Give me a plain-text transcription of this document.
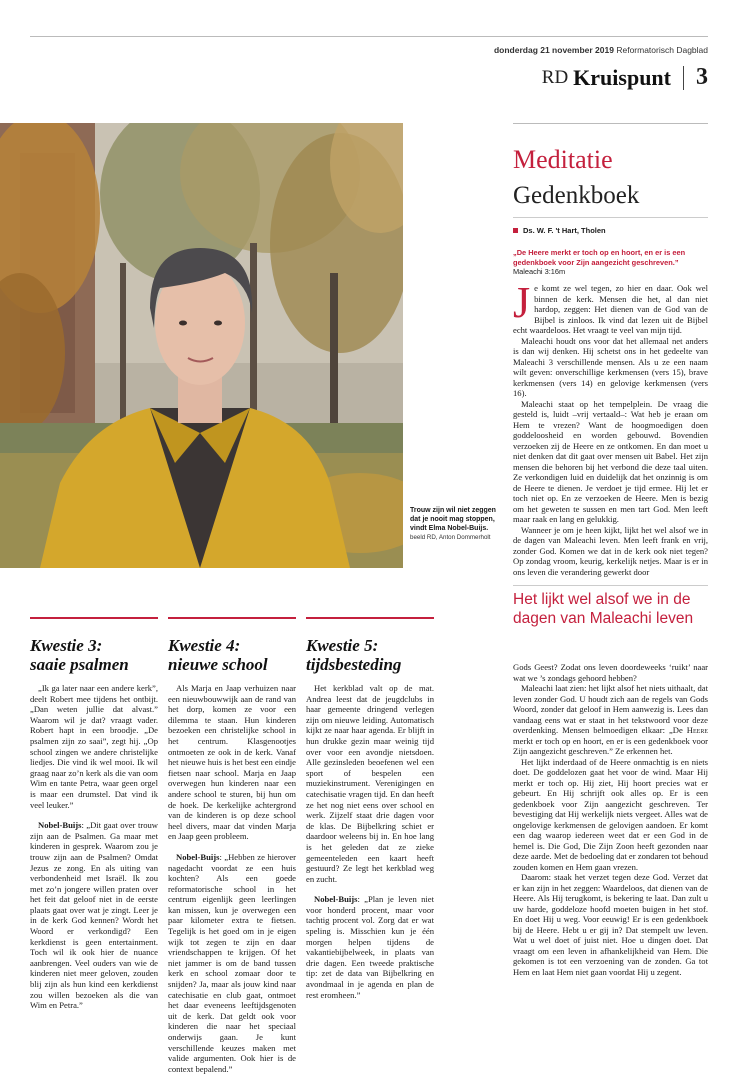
donderdag 21 november 2019 Reformatorisch Dagblad
RD Kruispunt 3
Trouw zijn wil niet zeggen dat je nooit mag stoppen, vindt Elma Nobel-Buijs. beeld RD, Anton Dommerholt
Meditatie
Gedenkboek
Ds. W. F. 't Hart, Tholen
„De Heere merkt er toch op en hoort, en er is een gedenkboek voor Zijn aangezicht geschreven.”
Maleachi 3:16m

Je komt ze wel tegen, zo hier en daar. Ook wel binnen de kerk. Mensen die het, al dan niet hardop, zeggen: Het dienen van de God van de Bijbel is zinloos. Ik vind dat lezen uit de Bijbel echt waardeloos. Het vraagt te veel van mijn tijd.

Maleachi houdt ons voor dat het allemaal net anders is dan wij denken. Hij schetst ons in het gedeelte van Maleachi 3 verschillende mensen. Als u ze een naam wilt geven: onverschillige kerkmensen (vers 15), brave kerkmensen (vers 14) en gelovige kerkmensen (vers 16).

Maleachi staat op het tempelplein. De vraag die gesteld is, luidt –vrij vertaald–: Wat heb je eraan om Hem te vrezen? Want de hoogmoedigen doen goddeloosheid en worden gebouwd. Bovendien verzoeken zij de Heere en ze ontkomen. En dan moet u niet denken dat dit gaat over mensen uit Babel. Het zijn mensen die behoren bij het verbond die deze taal uiten. Ze verkondigen luid en duidelijk dat het onzinnig is om de Heere te dienen. Je verdoet je tijd ermee. Hij let er toch niet op. En ze verzoeken de Heere. Men is bezig om het geweten te sussen en men tart God. Men leeft maar raak en lang en gelukkig.

Wanneer je om je heen kijkt, lijkt het wel alsof we in de dagen van Maleachi leven. Men leeft frank en vrij, zonder God. Komen we dat in de kerk ook niet tegen? Op zondag vroom, keurig, kerkelijk netjes. Maar is er in ons leven die verandering gewerkt door

Het lijkt wel alsof we in de dagen van Maleachi leven

Gods Geest? Zodat ons leven doordeweeks ‘ruikt’ naar wat we ’s zondags gehoord hebben?

Maleachi laat zien: het lijkt alsof het niets uithaalt, dat leven zonder God. U houdt zich aan de regels van Gods Woord, zonder dat geloof in Hem aanwezig is. Lees dan vandaag eens wat er staat in het tekstwoord voor deze overdenking. Mensen belmoedigen elkaar: „De Heere merkt er toch op en hoort, en er is een gedenkboek voor Zijn aangezicht geschreven.” Ze erkennen het.

Het lijkt inderdaad of de Heere onmachtig is en niets doet. De goddelozen gaat het voor de wind. Maar Hij merkt er toch op. Hij ziet, Hij hoort precies wat er gebeurt. En Hij schrijft ook alles op. Er is een gedenkboek voor Zijn aangezicht geschreven. Ter bevestiging dat Hij werkelijk niets vergeet. Alles wat de ongelovige kerkmensen de gelovigen aandoen. Er komt een dag waarop iedereen weet dat er een God in de hemel is. Die God, Die Zijn Zoon heeft gezonden naar deze aarde. Met de bedoeling dat er zondaren tot behoud zouden komen en Hem gaan vrezen.

Daarom: staak het verzet tegen deze God. Verzet dat er kan zijn in het zeggen: Waardeloos, dat dienen van de Heere. Als Hij terugkomt, is bekering te laat. Dan zult u uw harde, goddeloze hoofd moeten buigen in het stof. En doet Hij u weg. Voor eeuwig! Er is een gedenkboek bij de Heere. Hebt u er gij in? Dat stempelt uw leven. Wat u wel doet of juist niet. Hoe u dingen doet. Dat vraagt om een leven in afhankelijkheid van Hem. Die gekomen is tot een verzoening van de zonden. Ga tot Hem en laat Hem niet gaan voordat Hij u zegent.

Kwestie 3:
saaie psalmen

„Ik ga later naar een andere kerk”, deelt Robert mee tijdens het ontbijt. „Dan weten jullie dat alvast.” Waarom wil je dat? vraagt vader. Robert hapt in een broodje. „De psalmen zijn zo saai”, zegt hij. „Op school zingen we andere christelijke liedjes. Die vind ik wel mooi. Ik wil graag naar zo’n kerk als die van oom Wim en tante Petra, waar geen orgel is maar een drumstel. Dat vind ik veel leuker.”

Nobel-Buijs: „Dit gaat over trouw zijn aan de Psalmen. Ga maar met kinderen in gesprek. Waarom zou je trouw zijn aan de Psalmen? Omdat Jezus ze zong. En als uiting van verbondenheid met Israël. Ik zou met zo’n jongere willen praten over het feit dat geloof niet in de eerste plaats gaat over wat je zingt. Leer je in de kerk God kennen? Wordt het Woord er verkondigd? Een kerkdienst is geen entertainment. Toch wil ik ook hier de nuance aanbrengen. Veel ouders van wie de kinderen niet meer geloven, zouden blij zijn als hun kind een kerkdienst zou willen bezoeken als die van Wim en Petra.”

Kwestie 4:
nieuwe school

Als Marja en Jaap verhuizen naar een nieuwbouwwijk aan de rand van het dorp, komen ze voor een dilemma te staan. Hun kinderen bezoeken een christelijke school in het centrum. Klasgenootjes ontmoeten ze ook in de kerk. Vanaf het nieuwe huis is het best een eindje fietsen naar school. Marja en Jaap overwegen hun kinderen naar een andere school te sturen, bij hun om de hoek. De kerkelijke achtergrond van de kinderen is op deze school heel divers, maar dat vinden Marja en Jaap geen probleem.

Nobel-Buijs: „Hebben ze hierover nagedacht voordat ze een huis kochten? Als een goede reformatorische school in het centrum eigenlijk geen leerlingen kan missen, kun je overwegen een paar kilometer extra te fietsen. Tegelijk is het goed om in je eigen wijk tot zegen te zijn en daar vriendschappen te krijgen. Of het niet jammer is om de band tussen kerk en school zomaar door te snijden? Ja, maar als jouw kind naar catechisatie en club gaat, ontmoet het daar eveneens leeftijdsgenoten uit de kerk. Dat geldt ook voor kinderen die naar het speciaal onderwijs gaan. Je kunt verschillende keuzes maken met valide argumenten. Ook hier is de context bepalend.”

Kwestie 5:
tijdsbesteding

Het kerkblad valt op de mat. Andrea leest dat de jeugdclubs in haar gemeente dringend verlegen zijn om nieuwe leiding. Automatisch kijkt ze naar haar agenda. Er blijft in hun drukke gezin maar weinig tijd over voor een avondje nietsdoen. Alle gezinsleden beoefenen wel een sport of bespelen een muziekinstrument. Verenigingen en catechisatie vragen tijd. En dan heeft ze het nog niet eens over school en werk. Zijzelf staat drie dagen voor de klas. De Bijbelkring schiet er daardoor weleens bij in. En hoe lang is het geleden dat ze zieke gemeenteleden een kaart heeft gestuurd? Ze legt het kerkblad weg en zucht.

Nobel-Buijs: „Plan je leven niet voor honderd procent, maar voor tachtig procent vol. Zorg dat er wat speling is. Misschien kun je één morgen helpen tijdens de vakantiebijbelweek, in plaats van drie dagen. Een tweede praktische tip: zet de data van Bijbelkring en avondmaal in je agenda en plan de rest eromheen.”
